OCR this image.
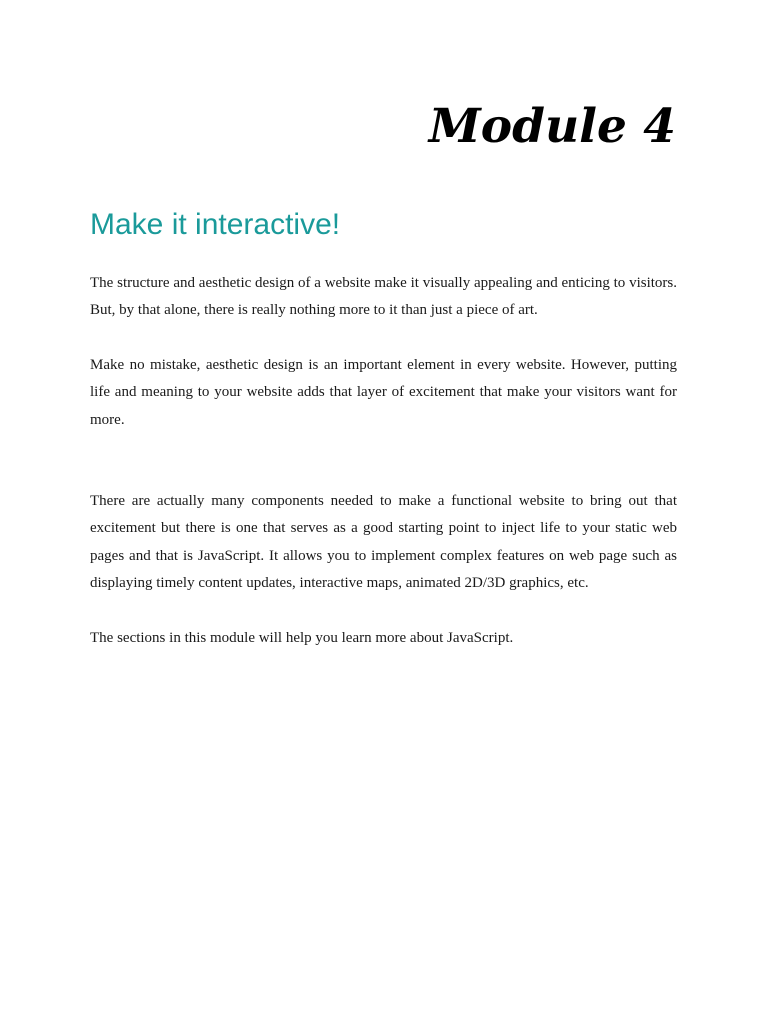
Module 4
Make it interactive!

The structure and aesthetic design of a website make it visually appealing and enticing to visitors. But, by that alone, there is really nothing more to it than just a piece of art.

Make no mistake, aesthetic design is an important element in every website. However, putting life and meaning to your website adds that layer of excitement that make your visitors want for more.

There are actually many components needed to make a functional website to bring out that excitement but there is one that serves as a good starting point to inject life to your static web pages and that is JavaScript. It allows you to implement complex features on web page such as displaying timely content updates, interactive maps, animated 2D/3D graphics, etc.

The sections in this module will help you learn more about JavaScript.
